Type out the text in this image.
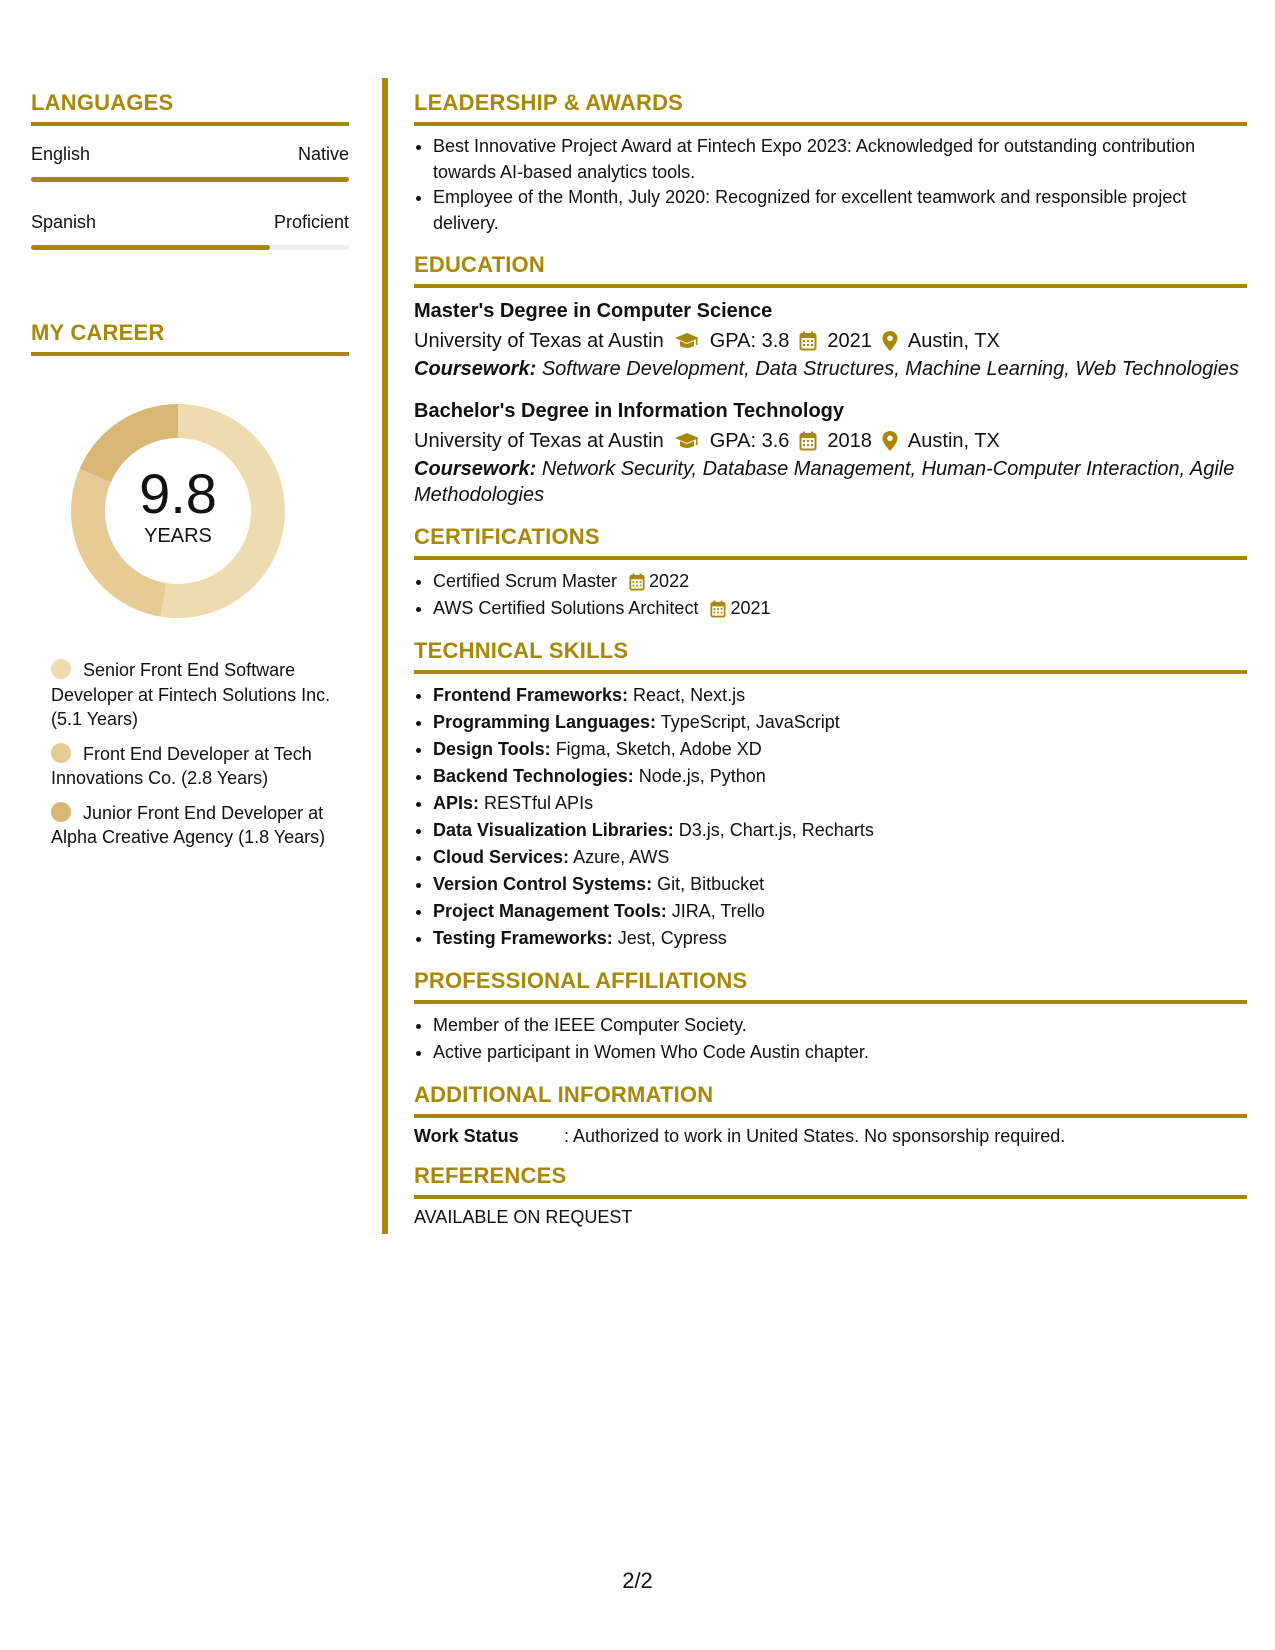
LANGUAGES
English	Native
Spanish	Proficient
MY CAREER
9.8
YEARS
Senior Front End Software Developer at Fintech Solutions Inc. (5.1 Years)
Front End Developer at Tech Innovations Co. (2.8 Years)
Junior Front End Developer at Alpha Creative Agency (1.8 Years)
LEADERSHIP & AWARDS
• Best Innovative Project Award at Fintech Expo 2023: Acknowledged for outstanding contribution towards AI-based analytics tools.
• Employee of the Month, July 2020: Recognized for excellent teamwork and responsible project delivery.
EDUCATION
Master's Degree in Computer Science
University of Texas at Austin GPA: 3.8 2021 Austin, TX
Coursework: Software Development, Data Structures, Machine Learning, Web Technologies
Bachelor's Degree in Information Technology
University of Texas at Austin GPA: 3.6 2018 Austin, TX
Coursework: Network Security, Database Management, Human-Computer Interaction, Agile Methodologies
CERTIFICATIONS
• Certified Scrum Master 2022
• AWS Certified Solutions Architect 2021
TECHNICAL SKILLS
• Frontend Frameworks: React, Next.js
• Programming Languages: TypeScript, JavaScript
• Design Tools: Figma, Sketch, Adobe XD
• Backend Technologies: Node.js, Python
• APIs: RESTful APIs
• Data Visualization Libraries: D3.js, Chart.js, Recharts
• Cloud Services: Azure, AWS
• Version Control Systems: Git, Bitbucket
• Project Management Tools: JIRA, Trello
• Testing Frameworks: Jest, Cypress
PROFESSIONAL AFFILIATIONS
• Member of the IEEE Computer Society.
• Active participant in Women Who Code Austin chapter.
ADDITIONAL INFORMATION
Work Status	: Authorized to work in United States. No sponsorship required.
REFERENCES
AVAILABLE ON REQUEST
2/2
